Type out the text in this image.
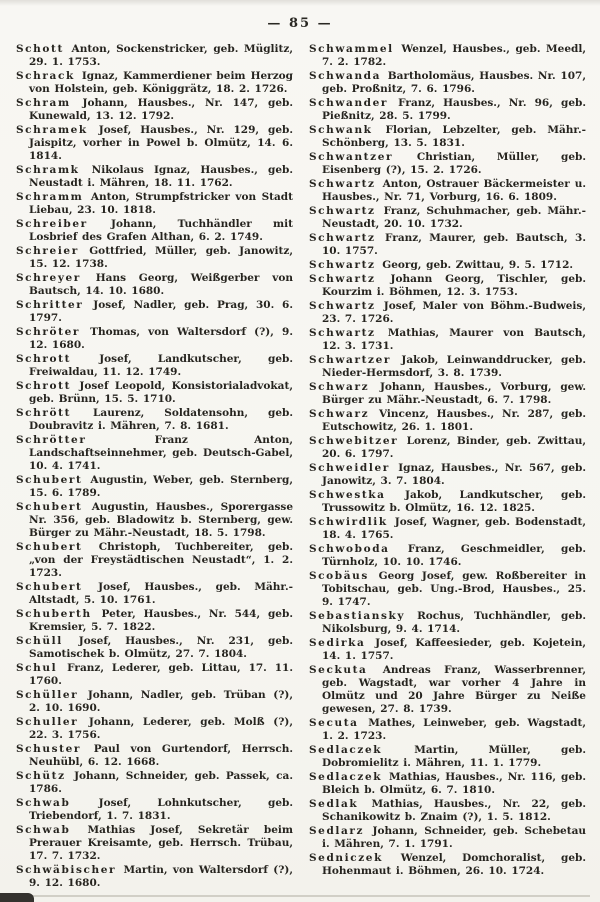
— 85 —

Schott Anton, Sockenstricker, geb. Müglitz, 29. 1. 1753.

Schrack Ignaz, Kammerdiener beim Herzog von Holstein, geb. Königgrätz, 18. 2. 1726.

Schram Johann, Hausbes., Nr. 147, geb. Kunewald, 13. 12. 1792.

Schramek Josef, Hausbes., Nr. 129, geb. Jaispitz, vorher in Powel b. Olmütz, 14. 6. 1814.

Schramk Nikolaus Ignaz, Hausbes., geb. Neustadt i. Mähren, 18. 11. 1762.

Schramm Anton, Strumpfstricker von Stadt Liebau, 23. 10. 1818.

Schreiber Johann, Tuchhändler mit Losbrief des Grafen Althan, 6. 2. 1749.

Schreier Gottfried, Müller, geb. Janowitz, 15. 12. 1738.

Schreyer Hans Georg, Weißgerber von Bautsch, 14. 10. 1680.

Schritter Josef, Nadler, geb. Prag, 30. 6. 1797.

Schröter Thomas, von Waltersdorf (?), 9. 12. 1680.

Schrott	Josef, Landkutscher, geb. Freiwaldau, 11. 12. 1749.

Schrott Josef Leopold, Konsistorialadvokat, geb. Brünn, 15. 5. 1710.

Schrött Laurenz, Soldatensohn, geb. Doubravitz i. Mähren, 7. 8. 1681.

Schrötter	Franz Anton, Landschaftseinnehmer, geb. Deutsch-Gabel, 10. 4. 1741.

Schubert Augustin, Weber, geb. Sternberg, 15. 6. 1789.

Schubert Augustin, Hausbes., Sporergasse Nr. 356, geb. Bladowitz b. Sternberg, gew. Bürger zu Mähr.-Neustadt, 18. 5. 1798.

Schubert Christoph, Tuchbereiter, geb. „von der Freystädtischen Neustadt“, 1. 2. 1723.

Schubert Josef, Hausbes., geb. Mähr.-Altstadt, 5. 10. 1761.

Schuberth Peter, Hausbes., Nr. 544, geb. Kremsier, 5. 7. 1822.

Schüll Josef, Hausbes., Nr. 231, geb. Samotischek b. Olmütz, 27. 7. 1804.

Schul Franz, Lederer, geb. Littau, 17. 11. 1760.

Schüller Johann, Nadler, geb. Trüban (?), 2. 10. 1690.

Schuller Johann, Lederer, geb. Molß (?), 22. 3. 1756.

Schuster Paul von Gurtendorf, Herrsch. Neuhübl, 6. 12. 1668.

Schütz Johann, Schneider, geb. Passek, ca. 1786.

Schwab	Josef, Lohnkutscher, geb. Triebendorf, 1. 7. 1831.

Schwab Mathias Josef, Sekretär beim Prerauer Kreisamte, geb. Herrsch. Trübau, 17. 7. 1732.

Schwäbischer Martin, von Waltersdorf (?), 9. 12. 1680.

Schwammel Wenzel, Hausbes., geb. Meedl, 7. 2. 1782.

Schwanda Bartholomäus, Hausbes. Nr. 107, geb. Proßnitz, 7. 6. 1796.

Schwander Franz, Hausbes., Nr. 96, geb. Pießnitz, 28. 5. 1799.

Schwank Florian, Lebzelter, geb. Mähr.-Schönberg, 13. 5. 1831.

Schwantzer Christian, Müller, geb. Eisenberg (?), 15. 2. 1726.

Schwartz Anton, Ostrauer Bäckermeister u. Hausbes., Nr. 71, Vorburg, 16. 6. 1809.

Schwartz Franz, Schuhmacher, geb. Mähr.-Neustadt, 20. 10. 1732.

Schwartz Franz, Maurer, geb. Bautsch, 3. 10. 1757.

Schwartz Georg, geb. Zwittau, 9. 5. 1712.

Schwartz Johann Georg, Tischler, geb. Kourzim i. Böhmen, 12. 3. 1753.

Schwartz Josef, Maler von Böhm.-Budweis, 23. 7. 1726.

Schwartz Mathias, Maurer von Bautsch, 12. 3. 1731.

Schwartzer Jakob, Leinwanddrucker, geb. Nieder-Hermsdorf, 3. 8. 1739.

Schwarz Johann, Hausbes., Vorburg, gew. Bürger zu Mähr.-Neustadt, 6. 7. 1798.

Schwarz Vincenz, Hausbes., Nr. 287, geb. Eutschowitz, 26. 1. 1801.

Schwebitzer Lorenz, Binder, geb. Zwittau, 20. 6. 1797.

Schweidler Ignaz, Hausbes., Nr. 567, geb. Janowitz, 3. 7. 1804.

Schwestka Jakob, Landkutscher, geb. Trussowitz b. Olmütz, 16. 12. 1825.

Schwirdlik Josef, Wagner, geb. Bodenstadt, 18. 4. 1765.

Schwoboda Franz, Geschmeidler, geb. Türnholz, 10. 10. 1746.

Scobäus Georg Josef, gew. Roßbereiter in Tobitschau, geb. Ung.-Brod, Hausbes., 25. 9. 1747.

Sebastiansky Rochus, Tuchhändler, geb. Nikolsburg, 9. 4. 1714.

Sedirka Josef, Kaffeesieder, geb. Kojetein, 14. 1. 1757.

Seckuta Andreas Franz, Wasserbrenner, geb. Wagstadt, war vorher 4 Jahre in Olmütz und 20 Jahre Bürger zu Neiße gewesen, 27. 8. 1739.

Secuta Mathes, Leinweber, geb. Wagstadt, 1. 2. 1723.

Sedlaczek	Martin, Müller, geb. Dobromielitz i. Mähren, 11. 1. 1779.

Sedlaczek Mathias, Hausbes., Nr. 116, geb. Bleich b. Olmütz, 6. 7. 1810.

Sedlak Mathias, Hausbes., Nr. 22, geb. Schanikowitz b. Znaim (?), 1. 5. 1812.

Sedlarz Johann, Schneider, geb. Schebetau i. Mähren, 7. 1. 1791.

Sedniczek Wenzel, Domchoralist, geb. Hohenmaut i. Böhmen, 26. 10. 1724.
